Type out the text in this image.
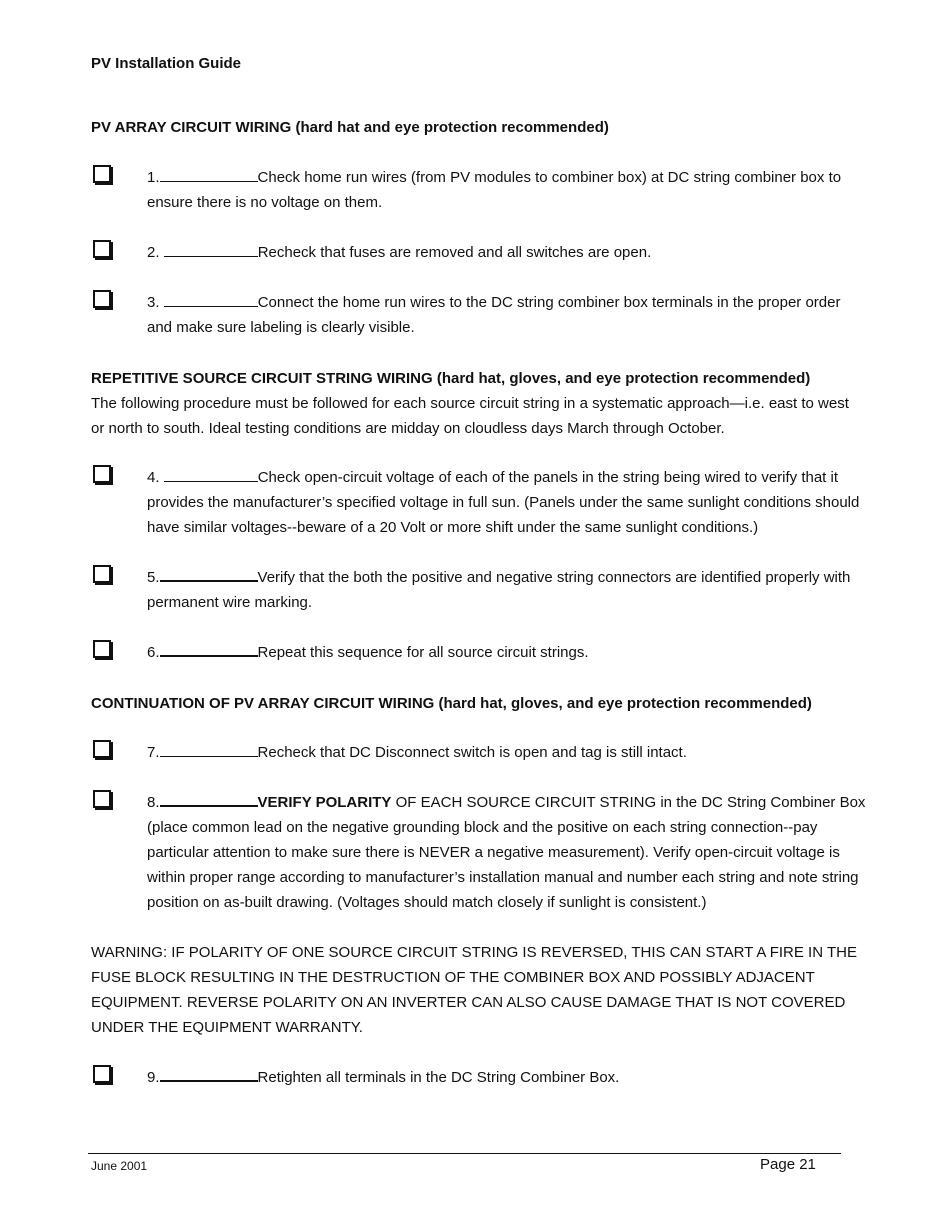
PV Installation Guide
PV ARRAY CIRCUIT WIRING (hard hat and eye protection recommended)
1.	Check home run wires (from PV modules to combiner box) at DC string combiner box to ensure there is no voltage on them.
2.	Recheck that fuses are removed and all switches are open.
3.	Connect the home run wires to the DC string combiner box terminals in the proper order and make sure labeling is clearly visible.
REPETITIVE SOURCE CIRCUIT STRING WIRING (hard hat, gloves, and eye protection recommended)
The following procedure must be followed for each source circuit string in a systematic approach—i.e. east to west or north to south. Ideal testing conditions are midday on cloudless days March through October.
4.	Check open-circuit voltage of each of the panels in the string being wired to verify that it provides the manufacturer’s specified voltage in full sun. (Panels under the same sunlight conditions should have similar voltages--beware of a 20 Volt or more shift under the same sunlight conditions.)
5.	Verify that the both the positive and negative string connectors are identified properly with permanent wire marking.
6.	Repeat this sequence for all source circuit strings.
CONTINUATION OF PV ARRAY CIRCUIT WIRING (hard hat, gloves, and eye protection recommended)
7.	Recheck that DC Disconnect switch is open and tag is still intact.
8.	VERIFY POLARITY OF EACH SOURCE CIRCUIT STRING in the DC String Combiner Box (place common lead on the negative grounding block and the positive on each string connection--pay particular attention to make sure there is NEVER a negative measurement). Verify open-circuit voltage is within proper range according to manufacturer’s installation manual and number each string and note string position on as-built drawing. (Voltages should match closely if sunlight is consistent.)
WARNING: IF POLARITY OF ONE SOURCE CIRCUIT STRING IS REVERSED, THIS CAN START A FIRE IN THE FUSE BLOCK RESULTING IN THE DESTRUCTION OF THE COMBINER BOX AND POSSIBLY ADJACENT EQUIPMENT. REVERSE POLARITY ON AN INVERTER CAN ALSO CAUSE DAMAGE THAT IS NOT COVERED UNDER THE EQUIPMENT WARRANTY.
9.	Retighten all terminals in the DC String Combiner Box.
June 2001	Page 21
